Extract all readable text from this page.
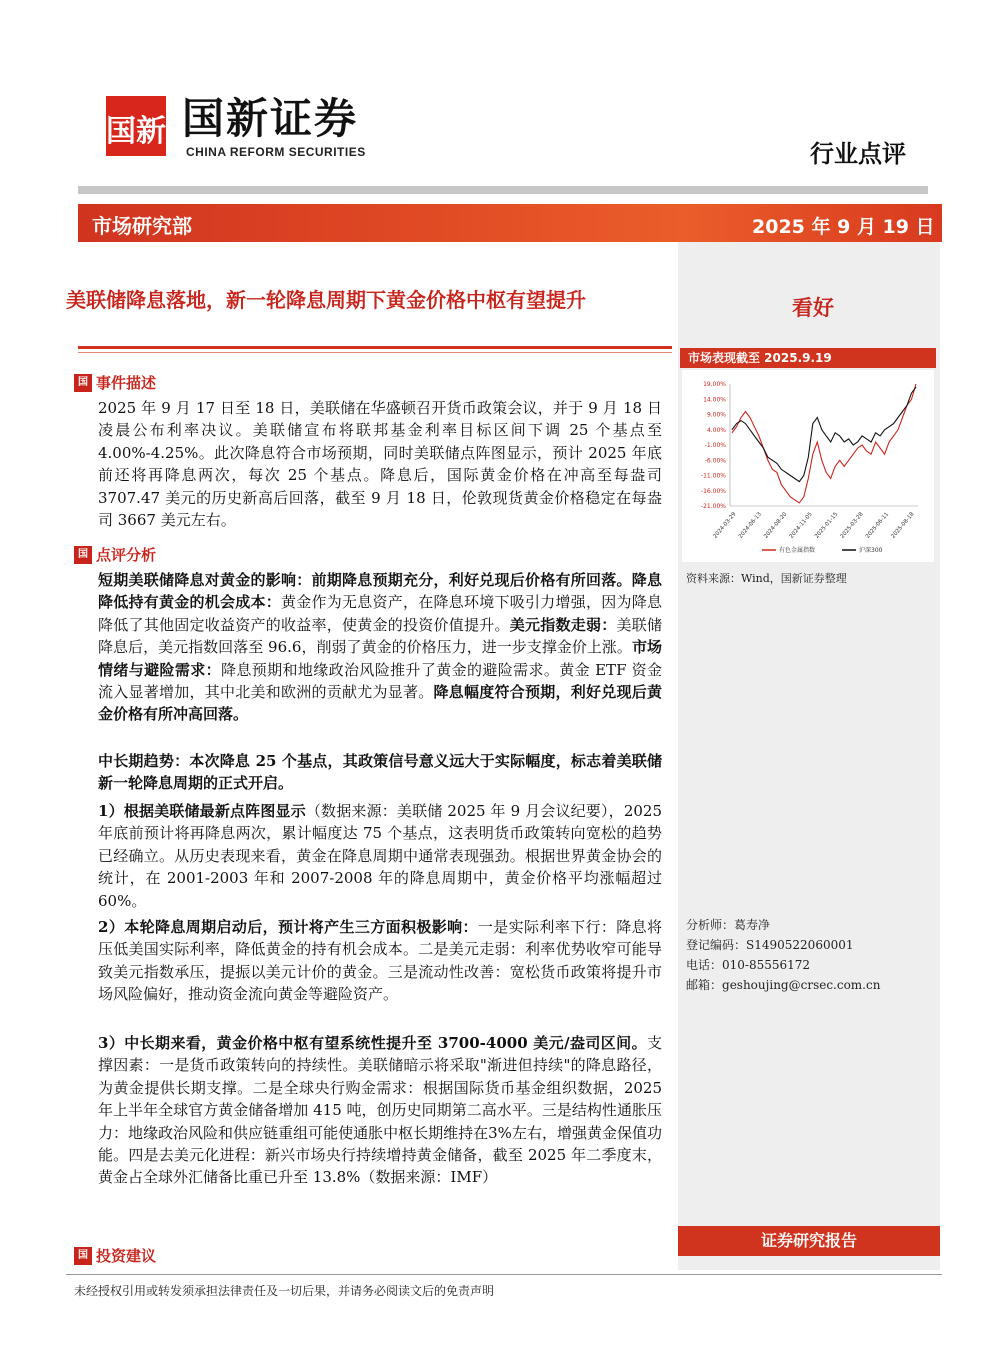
国新 国新证券
CHINA REFORM SECURITIES	行业点评
市场研究部	2025 年 9 月 19 日
美联储降息落地，新一轮降息周期下黄金价格中枢有望提升	看好
国 事件描述
2025 年 9 月 17 日至 18 日，美联储在华盛顿召开货币政策会议，并于 9 月 18 日凌晨公布利率决议。美联储宣布将联邦基金利率目标区间下调 25 个基点至 4.00%-4.25%。此次降息符合市场预期，同时美联储点阵图显示，预计 2025 年底前还将再降息两次，每次 25 个基点。降息后，国际黄金价格在冲高至每盎司 3707.47 美元的历史新高后回落，截至 9 月 18 日，伦敦现货黄金价格稳定在每盎司 3667 美元左右。
国 点评分析
短期美联储降息对黄金的影响：前期降息预期充分，利好兑现后价格有所回落。降息降低持有黄金的机会成本：黄金作为无息资产，在降息环境下吸引力增强，因为降息降低了其他固定收益资产的收益率，使黄金的投资价值提升。美元指数走弱：美联储降息后，美元指数回落至 96.6，削弱了黄金的价格压力，进一步支撑金价上涨。市场情绪与避险需求：降息预期和地缘政治风险推升了黄金的避险需求。黄金 ETF 资金流入显著增加，其中北美和欧洲的贡献尤为显著。降息幅度符合预期，利好兑现后黄金价格有所冲高回落。
中长期趋势：本次降息 25 个基点，其政策信号意义远大于实际幅度，标志着美联储新一轮降息周期的正式开启。
1）根据美联储最新点阵图显示（数据来源：美联储 2025 年 9 月会议纪要），2025 年底前预计将再降息两次，累计幅度达 75 个基点，这表明货币政策转向宽松的趋势已经确立。从历史表现来看，黄金在降息周期中通常表现强劲。根据世界黄金协会的统计，在 2001-2003 年和 2007-2008 年的降息周期中，黄金价格平均涨幅超过 60%。
2）本轮降息周期启动后，预计将产生三方面积极影响：一是实际利率下行：降息将压低美国实际利率，降低黄金的持有机会成本。二是美元走弱：利率优势收窄可能导致美元指数承压，提振以美元计价的黄金。三是流动性改善：宽松货币政策将提升市场风险偏好，推动资金流向黄金等避险资产。
3）中长期来看，黄金价格中枢有望系统性提升至 3700-4000 美元/盎司区间。支撑因素：一是货币政策转向的持续性。美联储暗示将采取"渐进但持续"的降息路径，为黄金提供长期支撑。二是全球央行购金需求：根据国际货币基金组织数据，2025 年上半年全球官方黄金储备增加 415 吨，创历史同期第二高水平。三是结构性通胀压力：地缘政治风险和供应链重组可能使通胀中枢长期维持在3%左右，增强黄金保值功能。四是去美元化进程：新兴市场央行持续增持黄金储备，截至 2025 年二季度末，黄金占全球外汇储备比重已升至 13.8%（数据来源：IMF）
国 投资建议
市场表现截至 2025.9.19
19.00%
14.00%
9.00%
4.00%
-1.00%
-6.00%
-11.00%
-16.00%
-21.00%
2024-03-29 2024-06-13 2024-08-20 2024-11-05 2025-01-15 2025-03-28 2025-06-11 2025-08-18
有色金属指数	沪深300
资料来源：Wind，国新证券整理
分析师：葛寿净
登记编码：S1490522060001
电话：010-85556172
邮箱：geshoujing@crsec.com.cn
证券研究报告
未经授权引用或转发须承担法律责任及一切后果，并请务必阅读文后的免责声明
